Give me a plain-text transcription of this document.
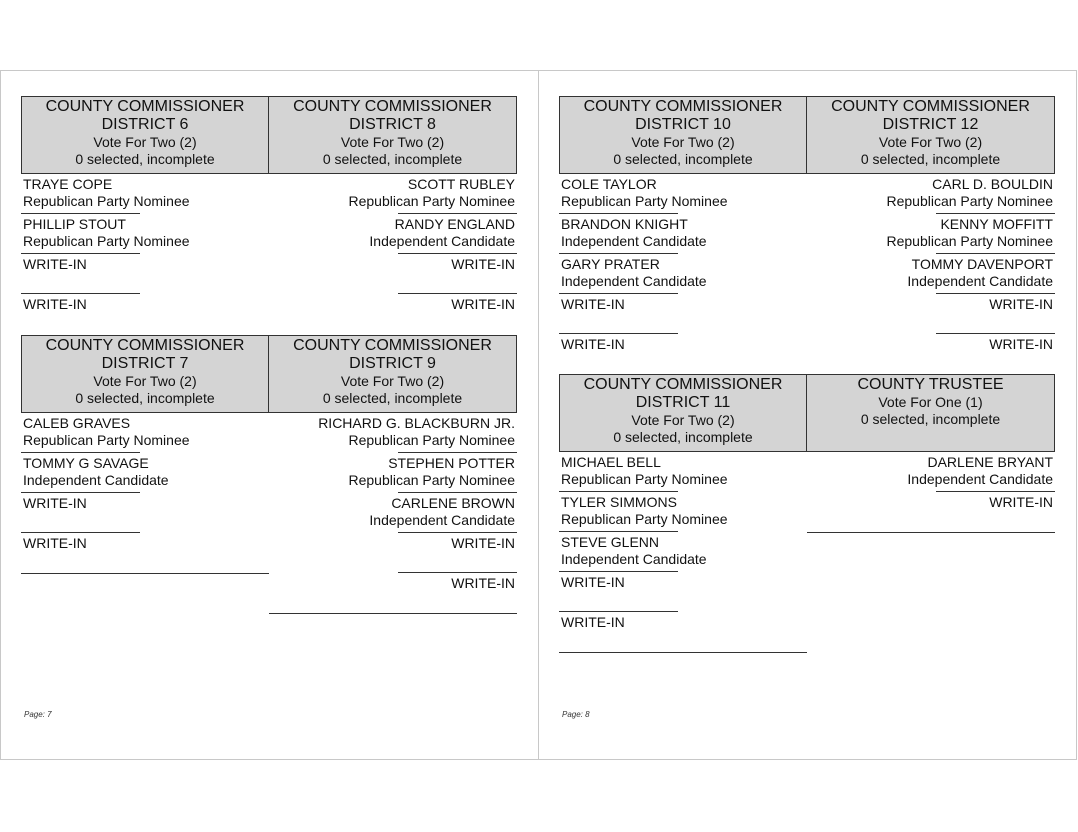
COUNTY COMMISSIONER
DISTRICT 6
Vote For Two (2)
0 selected, incomplete
TRAYE COPE
Republican Party Nominee
PHILLIP STOUT
Republican Party Nominee
WRITE-IN
WRITE-IN
COUNTY COMMISSIONER
DISTRICT 8
Vote For Two (2)
0 selected, incomplete
SCOTT RUBLEY
Republican Party Nominee
RANDY ENGLAND
Independent Candidate
WRITE-IN
WRITE-IN
COUNTY COMMISSIONER
DISTRICT 7
Vote For Two (2)
0 selected, incomplete
CALEB GRAVES
Republican Party Nominee
TOMMY G SAVAGE
Independent Candidate
WRITE-IN
WRITE-IN
COUNTY COMMISSIONER
DISTRICT 9
Vote For Two (2)
0 selected, incomplete
RICHARD G. BLACKBURN JR.
Republican Party Nominee
STEPHEN POTTER
Republican Party Nominee
CARLENE BROWN
Independent Candidate
WRITE-IN
WRITE-IN
Page: 7
COUNTY COMMISSIONER
DISTRICT 10
Vote For Two (2)
0 selected, incomplete
COLE TAYLOR
Republican Party Nominee
BRANDON KNIGHT
Independent Candidate
GARY PRATER
Independent Candidate
WRITE-IN
WRITE-IN
COUNTY COMMISSIONER
DISTRICT 12
Vote For Two (2)
0 selected, incomplete
CARL D. BOULDIN
Republican Party Nominee
KENNY MOFFITT
Republican Party Nominee
TOMMY DAVENPORT
Independent Candidate
WRITE-IN
WRITE-IN
COUNTY COMMISSIONER
DISTRICT 11
Vote For Two (2)
0 selected, incomplete
MICHAEL BELL
Republican Party Nominee
TYLER SIMMONS
Republican Party Nominee
STEVE GLENN
Independent Candidate
WRITE-IN
WRITE-IN
COUNTY TRUSTEE
Vote For One (1)
0 selected, incomplete
DARLENE BRYANT
Independent Candidate
WRITE-IN
Page: 8
